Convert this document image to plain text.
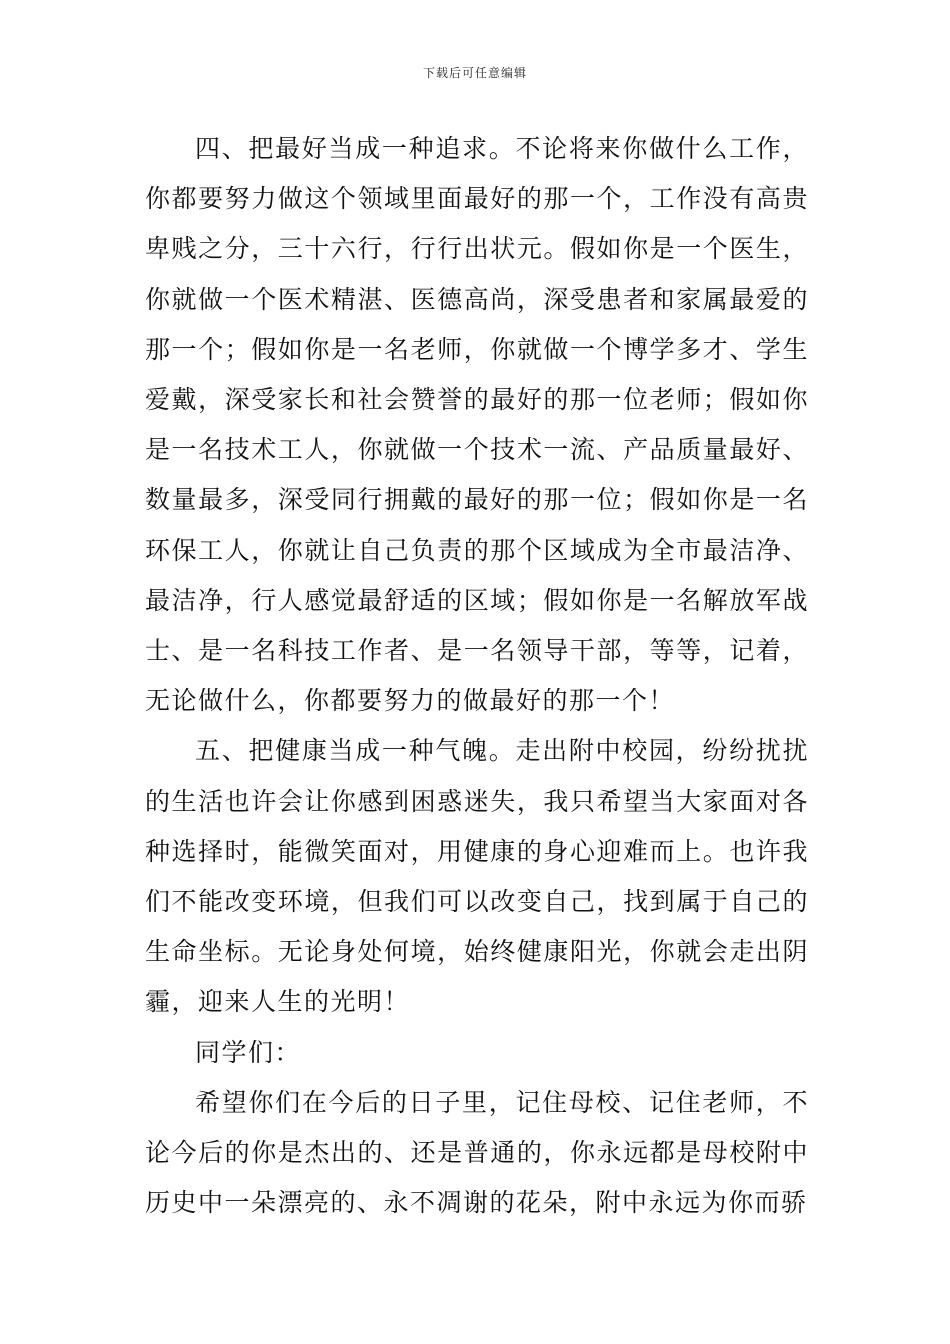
下载后可任意编辑

四、把最好当成一种追求。不论将来你做什么工作，你都要努力做这个领域里面最好的那一个，工作没有高贵卑贱之分，三十六行，行行出状元。假如你是一个医生，你就做一个医术精湛、医德高尚，深受患者和家属最爱的那一个；假如你是一名老师，你就做一个博学多才、学生爱戴，深受家长和社会赞誉的最好的那一位老师；假如你是一名技术工人，你就做一个技术一流、产品质量最好、数量最多，深受同行拥戴的最好的那一位；假如你是一名环保工人，你就让自己负责的那个区域成为全市最洁净、最洁净，行人感觉最舒适的区域；假如你是一名解放军战士、是一名科技工作者、是一名领导干部，等等，记着，无论做什么，你都要努力的做最好的那一个！

五、把健康当成一种气魄。走出附中校园，纷纷扰扰的生活也许会让你感到困惑迷失，我只希望当大家面对各种选择时，能微笑面对，用健康的身心迎难而上。也许我们不能改变环境，但我们可以改变自己，找到属于自己的生命坐标。无论身处何境，始终健康阳光，你就会走出阴霾，迎来人生的光明！

同学们：

希望你们在今后的日子里，记住母校、记住老师，不论今后的你是杰出的、还是普通的，你永远都是母校附中历史中一朵漂亮的、永不凋谢的花朵，附中永远为你而骄
